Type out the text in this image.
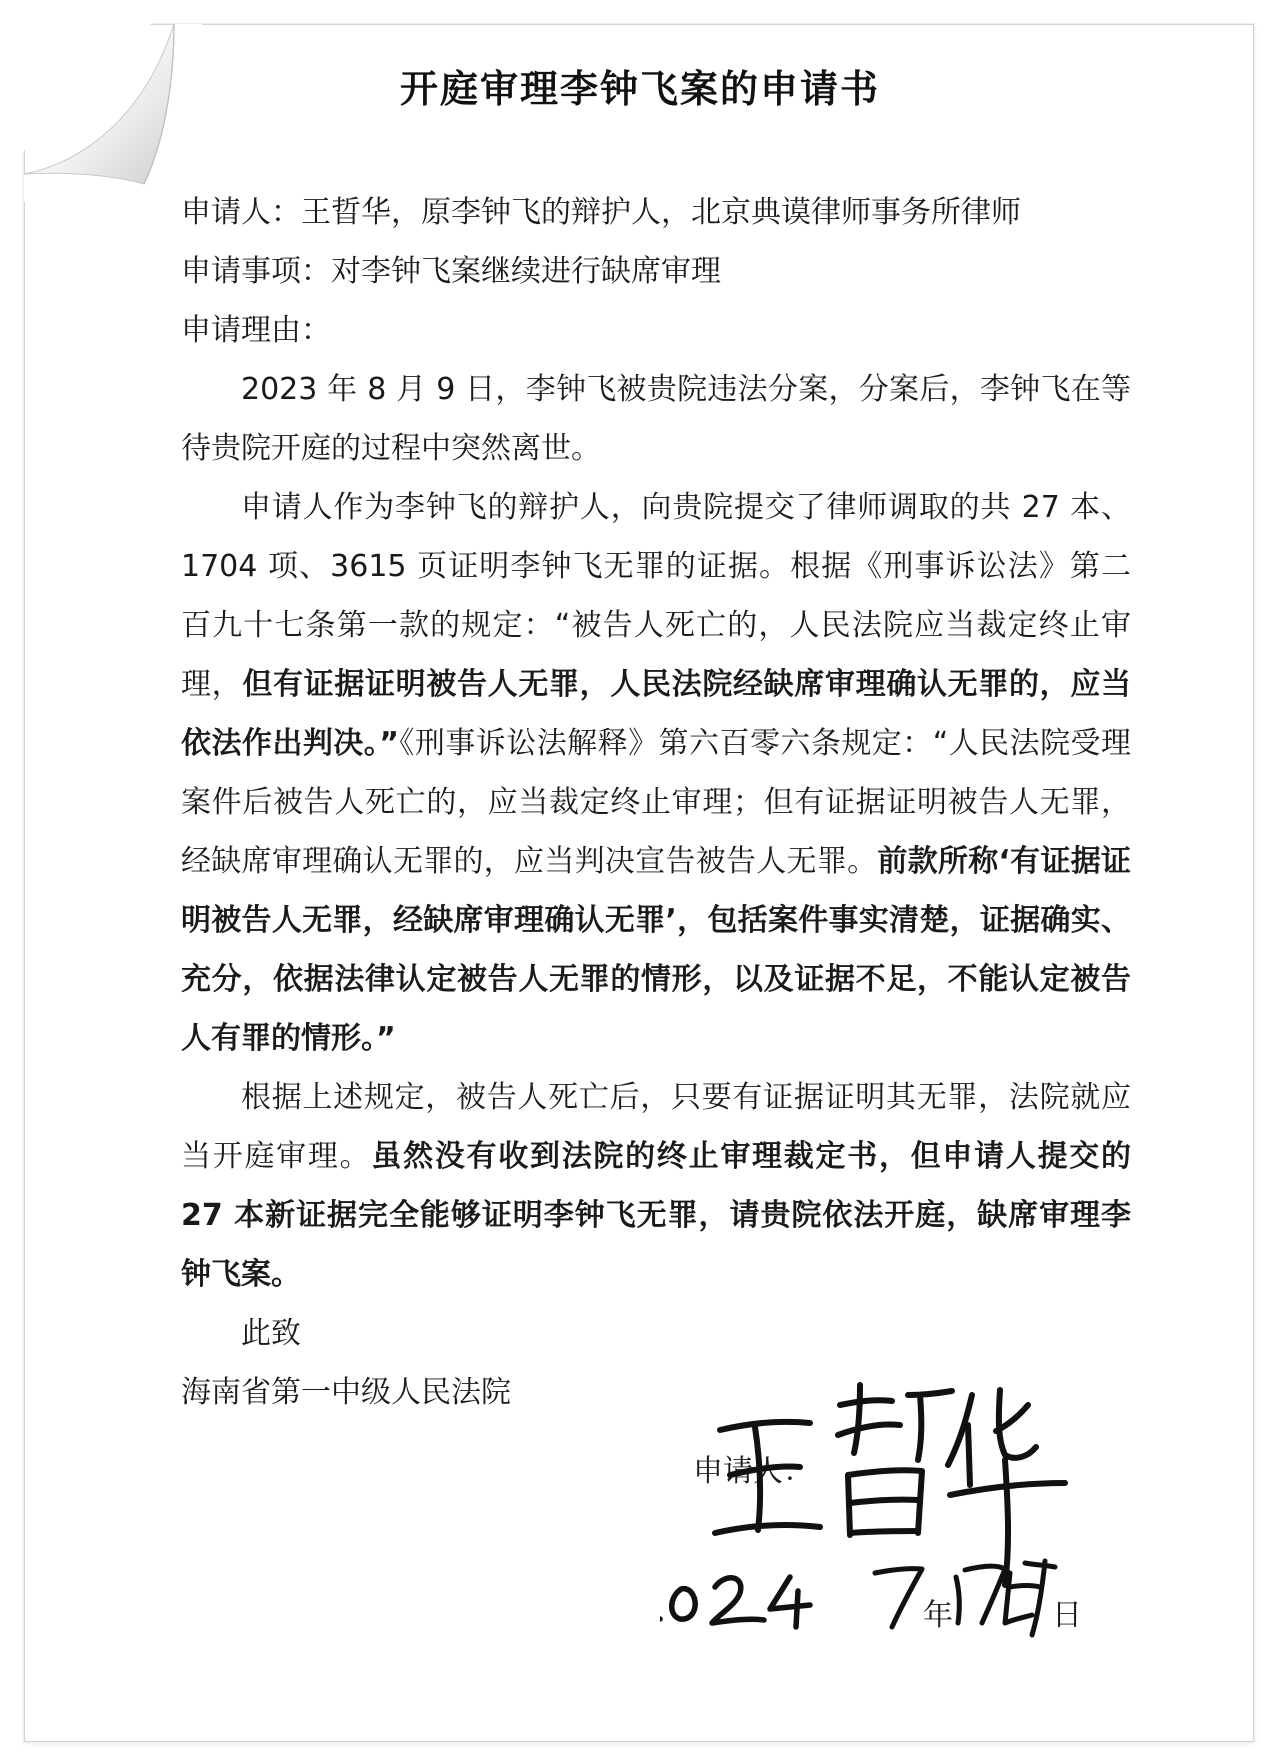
开庭审理李钟飞案的申请书

申请人：王晢华，原李钟飞的辩护人，北京典谟律师事务所律师

申请事项：对李钟飞案继续进行缺席审理

申请理由：

2023 年 8 月 9 日，李钟飞被贵院违法分案，分案后，李钟飞在等待贵院开庭的过程中突然离世。

申请人作为李钟飞的辩护人，向贵院提交了律师调取的共 27 本、1704 项、3615 页证明李钟飞无罪的证据。根据《刑事诉讼法》第二百九十七条第一款的规定：“被告人死亡的，人民法院应当裁定终止审理，但有证据证明被告人无罪，人民法院经缺席审理确认无罪的，应当依法作出判决。”《刑事诉讼法解释》第六百零六条规定：“人民法院受理案件后被告人死亡的，应当裁定终止审理；但有证据证明被告人无罪，经缺席审理确认无罪的，应当判决宣告被告人无罪。前款所称‘有证据证明被告人无罪，经缺席审理确认无罪’，包括案件事实清楚，证据确实、充分，依据法律认定被告人无罪的情形，以及证据不足，不能认定被告人有罪的情形。”

根据上述规定，被告人死亡后，只要有证据证明其无罪，法院就应当开庭审理。虽然没有收到法院的终止审理裁定书，但申请人提交的 27 本新证据完全能够证明李钟飞无罪，请贵院依法开庭，缺席审理李钟飞案。

此致

海南省第一中级人民法院

申请人：
年	日
